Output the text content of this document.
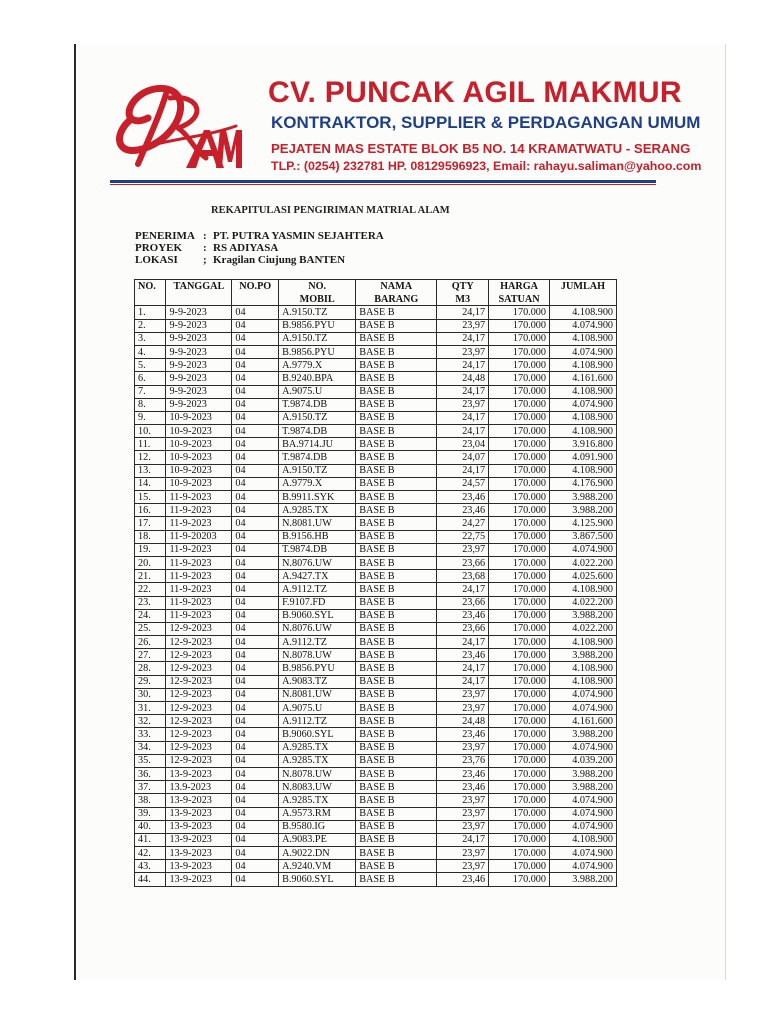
CV. PUNCAK AGIL MAKMUR
KONTRAKTOR, SUPPLIER & PERDAGANGAN UMUM
PEJATEN MAS ESTATE BLOK B5 NO. 14 KRAMATWATU - SERANG
TLP.: (0254) 232781 HP. 08129596923, Email: rahayu.saliman@yahoo.com
REKAPITULASI PENGIRIMAN MATRIAL ALAM
PENERIMA : PT. PUTRA YASMIN SEJAHTERA
PROYEK : RS ADIYASA
LOKASI ; Kragilan Ciujung BANTEN
NO.	TANGGAL	NO.PO	NO.	NAMA	QTY	HARGA	JUMLAH
			MOBIL	BARANG	M3	SATUAN	
1.	9-9-2023	04	A.9150.TZ	BASE B	24,17	170.000	4.108.900
2.	9-9-2023	04	B.9856.PYU	BASE B	23,97	170.000	4.074.900
3.	9-9-2023	04	A.9150.TZ	BASE B	24,17	170.000	4.108.900
4.	9-9-2023	04	B.9856.PYU	BASE B	23,97	170.000	4.074.900
5.	9-9-2023	04	A.9779.X	BASE B	24,17	170.000	4.108.900
6.	9-9-2023	04	B.9240.BPA	BASE B	24,48	170.000	4.161.600
7.	9-9-2023	04	A.9075.U	BASE B	24,17	170.000	4.108.900
8.	9-9-2023	04	T.9874.DB	BASE B	23,97	170.000	4.074.900
9.	10-9-2023	04	A.9150.TZ	BASE B	24,17	170.000	4.108.900
10.	10-9-2023	04	T.9874.DB	BASE B	24,17	170.000	4.108.900
11.	10-9-2023	04	BA.9714.JU	BASE B	23,04	170.000	3.916.800
12.	10-9-2023	04	T.9874.DB	BASE B	24,07	170.000	4.091.900
13.	10-9-2023	04	A.9150.TZ	BASE B	24,17	170.000	4.108.900
14.	10-9-2023	04	A.9779.X	BASE B	24,57	170.000	4.176.900
15.	11-9-2023	04	B.9911.SYK	BASE B	23,46	170.000	3.988.200
16.	11-9-2023	04	A.9285.TX	BASE B	23,46	170.000	3.988.200
17.	11-9-2023	04	N.8081.UW	BASE B	24,27	170.000	4.125.900
18.	11-9-20203	04	B.9156.HB	BASE B	22,75	170.000	3.867.500
19.	11-9-2023	04	T.9874.DB	BASE B	23,97	170.000	4.074.900
20.	11-9-2023	04	N.8076.UW	BASE B	23,66	170.000	4.022.200
21.	11-9-2023	04	A.9427.TX	BASE B	23,68	170.000	4.025.600
22.	11-9-2023	04	A.9112.TZ	BASE B	24,17	170.000	4.108.900
23.	11-9-2023	04	F.9107.FD	BASE B	23,66	170.000	4.022.200
24.	11-9-2023	04	B.9060.SYL	BASE B	23,46	170.000	3.988.200
25.	12-9-2023	04	N.8076.UW	BASE B	23,66	170.000	4.022.200
26.	12-9-2023	04	A.9112.TZ	BASE B	24,17	170.000	4.108.900
27.	12-9-2023	04	N.8078.UW	BASE B	23,46	170.000	3.988.200
28.	12-9-2023	04	B.9856.PYU	BASE B	24,17	170.000	4.108.900
29.	12-9-2023	04	A.9083.TZ	BASE B	24,17	170.000	4.108.900
30.	12-9-2023	04	N.8081.UW	BASE B	23,97	170.000	4.074.900
31.	12-9-2023	04	A.9075.U	BASE B	23,97	170.000	4.074.900
32.	12-9-2023	04	A.9112.TZ	BASE B	24,48	170.000	4.161.600
33.	12-9-2023	04	B.9060.SYL	BASE B	23,46	170.000	3.988.200
34.	12-9-2023	04	A.9285.TX	BASE B	23,97	170.000	4.074.900
35.	12-9-2023	04	A.9285.TX	BASE B	23,76	170.000	4.039.200
36.	13-9-2023	04	N.8078.UW	BASE B	23,46	170.000	3.988.200
37.	13.9-2023	04	N.8083.UW	BASE B	23,46	170.000	3.988.200
38.	13-9-2023	04	A.9285.TX	BASE B	23,97	170.000	4.074.900
39.	13-9-2023	04	A.9573.RM	BASE B	23,97	170.000	4.074.900
40.	13-9-2023	04	B.9580.IG	BASE B	23,97	170.000	4.074.900
41.	13-9-2023	04	A.9083.PE	BASE B	24,17	170.000	4.108.900
42.	13-9-2023	04	A.9022.DN	BASE B	23,97	170.000	4.074.900
43.	13-9-2023	04	A.9240.VM	BASE B	23,97	170.000	4.074.900
44.	13-9-2023	04	B.9060.SYL	BASE B	23,46	170.000	3.988.200
